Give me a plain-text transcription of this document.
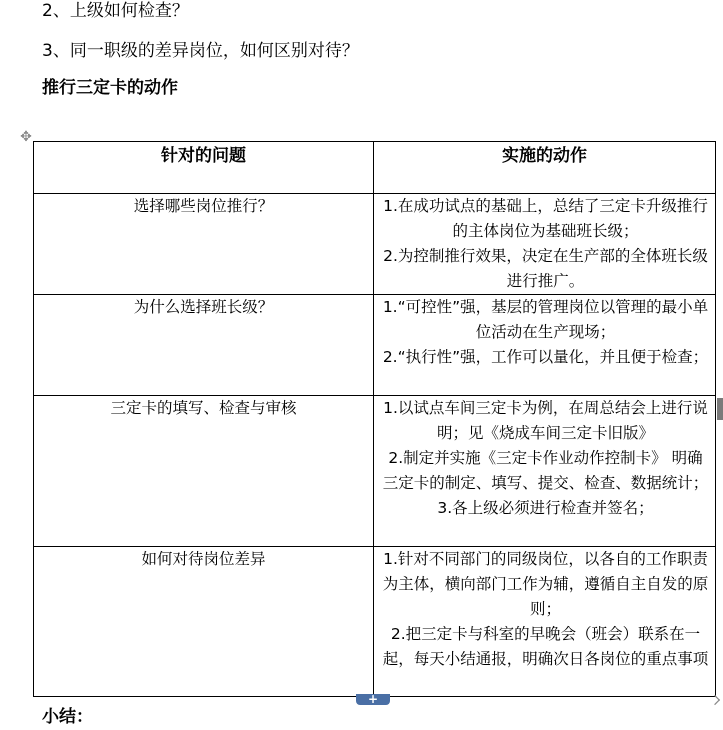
2、上级如何检查？
3、同一职级的差异岗位，如何区别对待？
推行三定卡的动作
✥
针对的问题	实施的动作
选择哪些岗位推行？	1.在成功试点的基础上，总结了三定卡升级推行的主体岗位为基础班长级；
2.为控制推行效果，决定在生产部的全体班长级进行推广。

为什么选择班长级？	1.“可控性”强，基层的管理岗位以管理的最小单位活动在生产现场；
2.“执行性”强，工作可以量化，并且便于检查；

三定卡的填写、检查与审核	1.以试点车间三定卡为例，在周总结会上进行说明；见《烧成车间三定卡旧版》
2.制定并实施《三定卡作业动作控制卡》 明确三定卡的制定、填写、提交、检查、数据统计；
3.各上级必须进行检查并签名；

如何对待岗位差异	1.针对不同部门的同级岗位，以各自的工作职责为主体，横向部门工作为辅，遵循自主自发的原则；
2.把三定卡与科室的早晚会（班会）联系在一起，每天小结通报，明确次日各岗位的重点事项
+
小结：
